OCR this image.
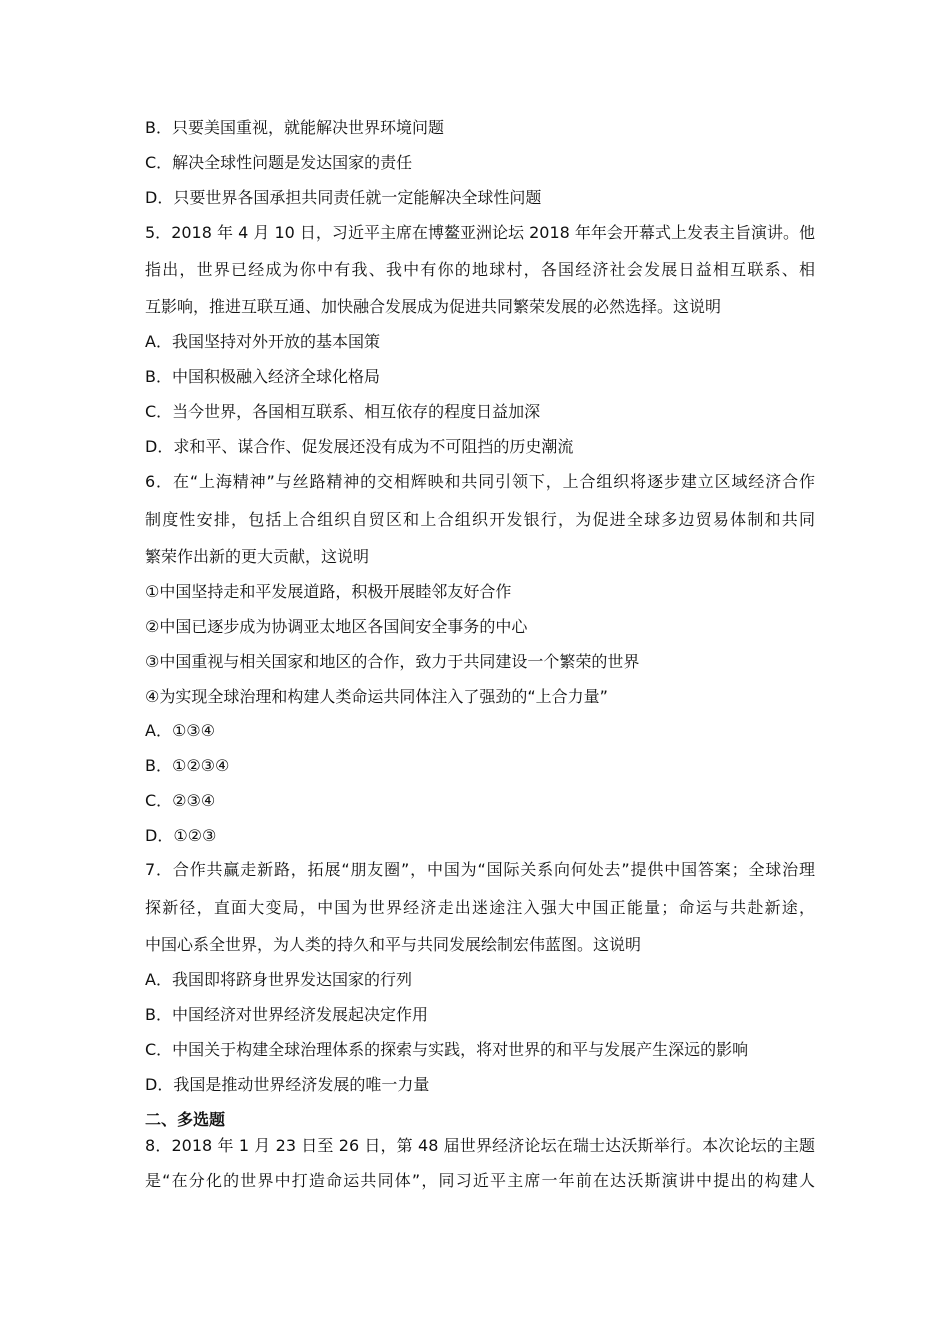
B．只要美国重视，就能解决世界环境问题
C．解决全球性问题是发达国家的责任
D．只要世界各国承担共同责任就一定能解决全球性问题
5．2018 年 4 月 10 日，习近平主席在博鳌亚洲论坛 2018 年年会开幕式上发表主旨演讲。他
指出，世界已经成为你中有我、我中有你的地球村，各国经济社会发展日益相互联系、相
互影响，推进互联互通、加快融合发展成为促进共同繁荣发展的必然选择。这说明
A．我国坚持对外开放的基本国策
B．中国积极融入经济全球化格局
C．当今世界，各国相互联系、相互依存的程度日益加深
D．求和平、谋合作、促发展还没有成为不可阻挡的历史潮流
6．在“上海精神”与丝路精神的交相辉映和共同引领下，上合组织将逐步建立区域经济合作
制度性安排，包括上合组织自贸区和上合组织开发银行，为促进全球多边贸易体制和共同
繁荣作出新的更大贡献，这说明
①中国坚持走和平发展道路，积极开展睦邻友好合作
②中国已逐步成为协调亚太地区各国间安全事务的中心
③中国重视与相关国家和地区的合作，致力于共同建设一个繁荣的世界
④为实现全球治理和构建人类命运共同体注入了强劲的“上合力量”
A．①③④
B．①②③④
C．②③④
D．①②③
7．合作共赢走新路，拓展“朋友圈”，中国为“国际关系向何处去”提供中国答案；全球治理
探新径，直面大变局，中国为世界经济走出迷途注入强大中国正能量；命运与共赴新途，
中国心系全世界，为人类的持久和平与共同发展绘制宏伟蓝图。这说明
A．我国即将跻身世界发达国家的行列
B．中国经济对世界经济发展起决定作用
C．中国关于构建全球治理体系的探索与实践，将对世界的和平与发展产生深远的影响
D．我国是推动世界经济发展的唯一力量
二、多选题
8．2018 年 1 月 23 日至 26 日，第 48 届世界经济论坛在瑞士达沃斯举行。本次论坛的主题
是“在分化的世界中打造命运共同体”，同习近平主席一年前在达沃斯演讲中提出的构建人
